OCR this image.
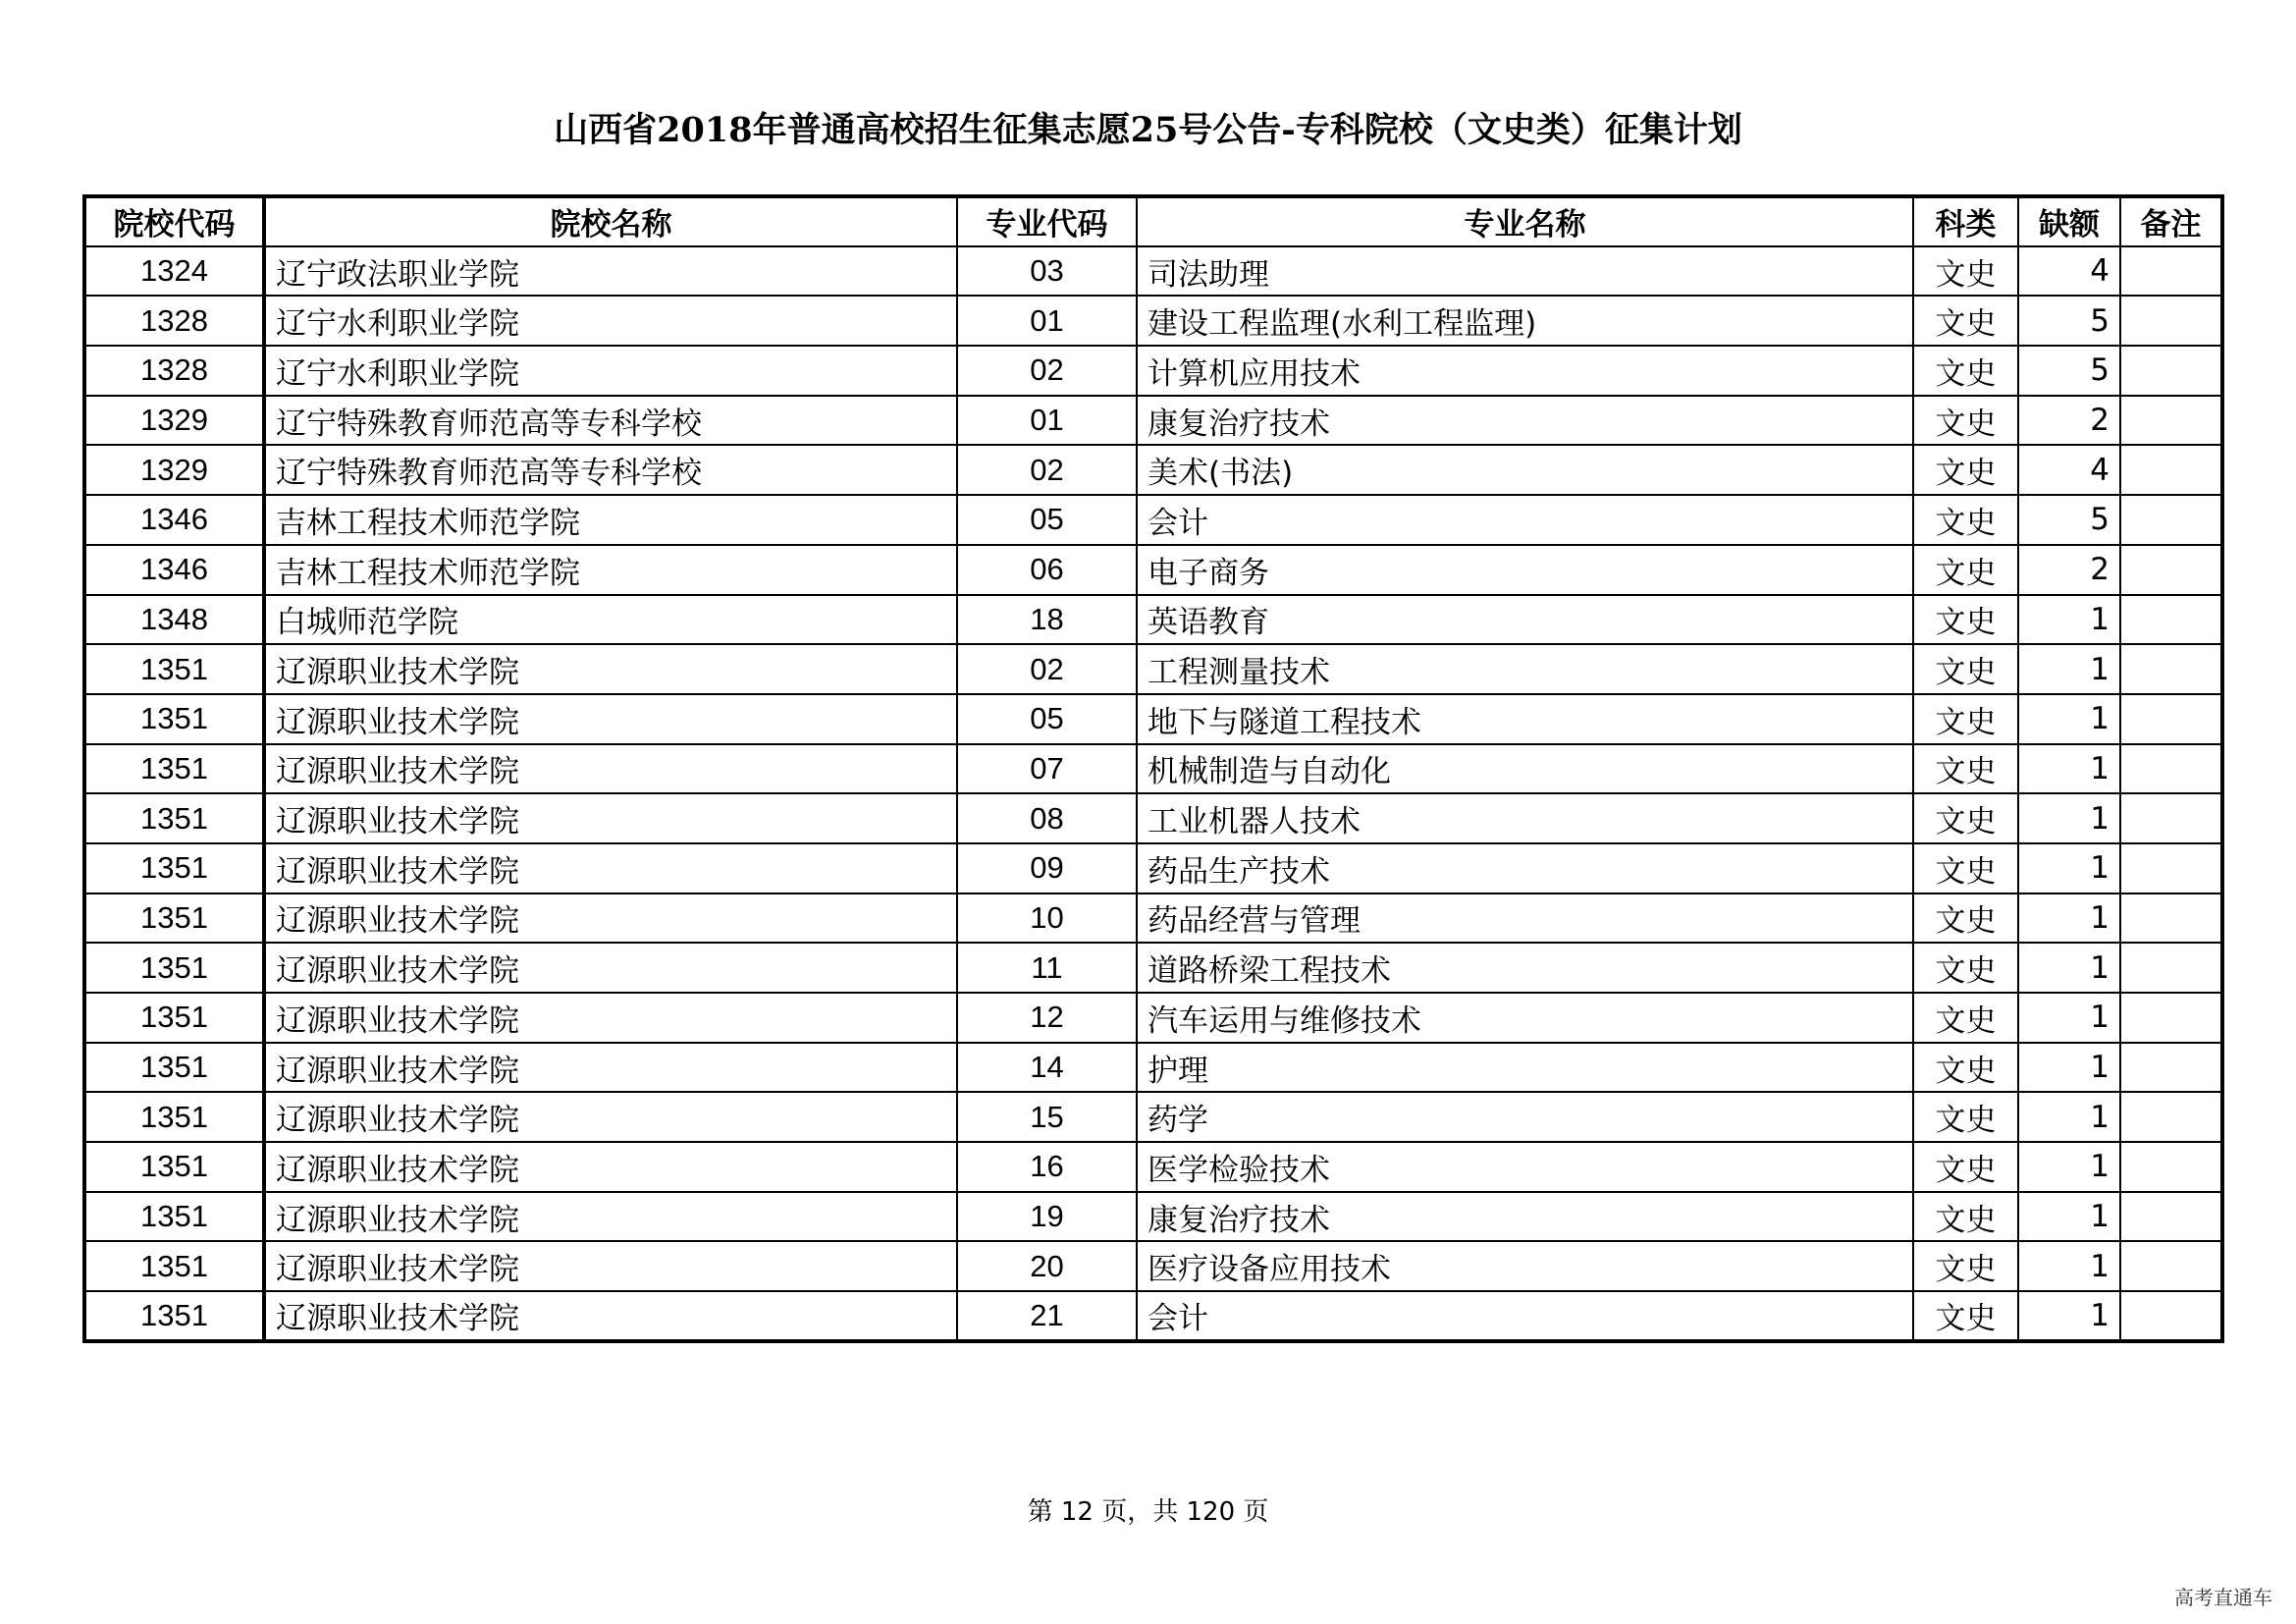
山西省2018年普通高校招生征集志愿25号公告-专科院校（文史类）征集计划
院校代码	院校名称	专业代码	专业名称	科类	缺额	备注
1324	辽宁政法职业学院	03	司法助理	文史	4	
1328	辽宁水利职业学院	01	建设工程监理(水利工程监理)	文史	5	
1328	辽宁水利职业学院	02	计算机应用技术	文史	5	
1329	辽宁特殊教育师范高等专科学校	01	康复治疗技术	文史	2	
1329	辽宁特殊教育师范高等专科学校	02	美术(书法)	文史	4	
1346	吉林工程技术师范学院	05	会计	文史	5	
1346	吉林工程技术师范学院	06	电子商务	文史	2	
1348	白城师范学院	18	英语教育	文史	1	
1351	辽源职业技术学院	02	工程测量技术	文史	1	
1351	辽源职业技术学院	05	地下与隧道工程技术	文史	1	
1351	辽源职业技术学院	07	机械制造与自动化	文史	1	
1351	辽源职业技术学院	08	工业机器人技术	文史	1	
1351	辽源职业技术学院	09	药品生产技术	文史	1	
1351	辽源职业技术学院	10	药品经营与管理	文史	1	
1351	辽源职业技术学院	11	道路桥梁工程技术	文史	1	
1351	辽源职业技术学院	12	汽车运用与维修技术	文史	1	
1351	辽源职业技术学院	14	护理	文史	1	
1351	辽源职业技术学院	15	药学	文史	1	
1351	辽源职业技术学院	16	医学检验技术	文史	1	
1351	辽源职业技术学院	19	康复治疗技术	文史	1	
1351	辽源职业技术学院	20	医疗设备应用技术	文史	1	
1351	辽源职业技术学院	21	会计	文史	1	
第 12 页，共 120 页
高考直通车
